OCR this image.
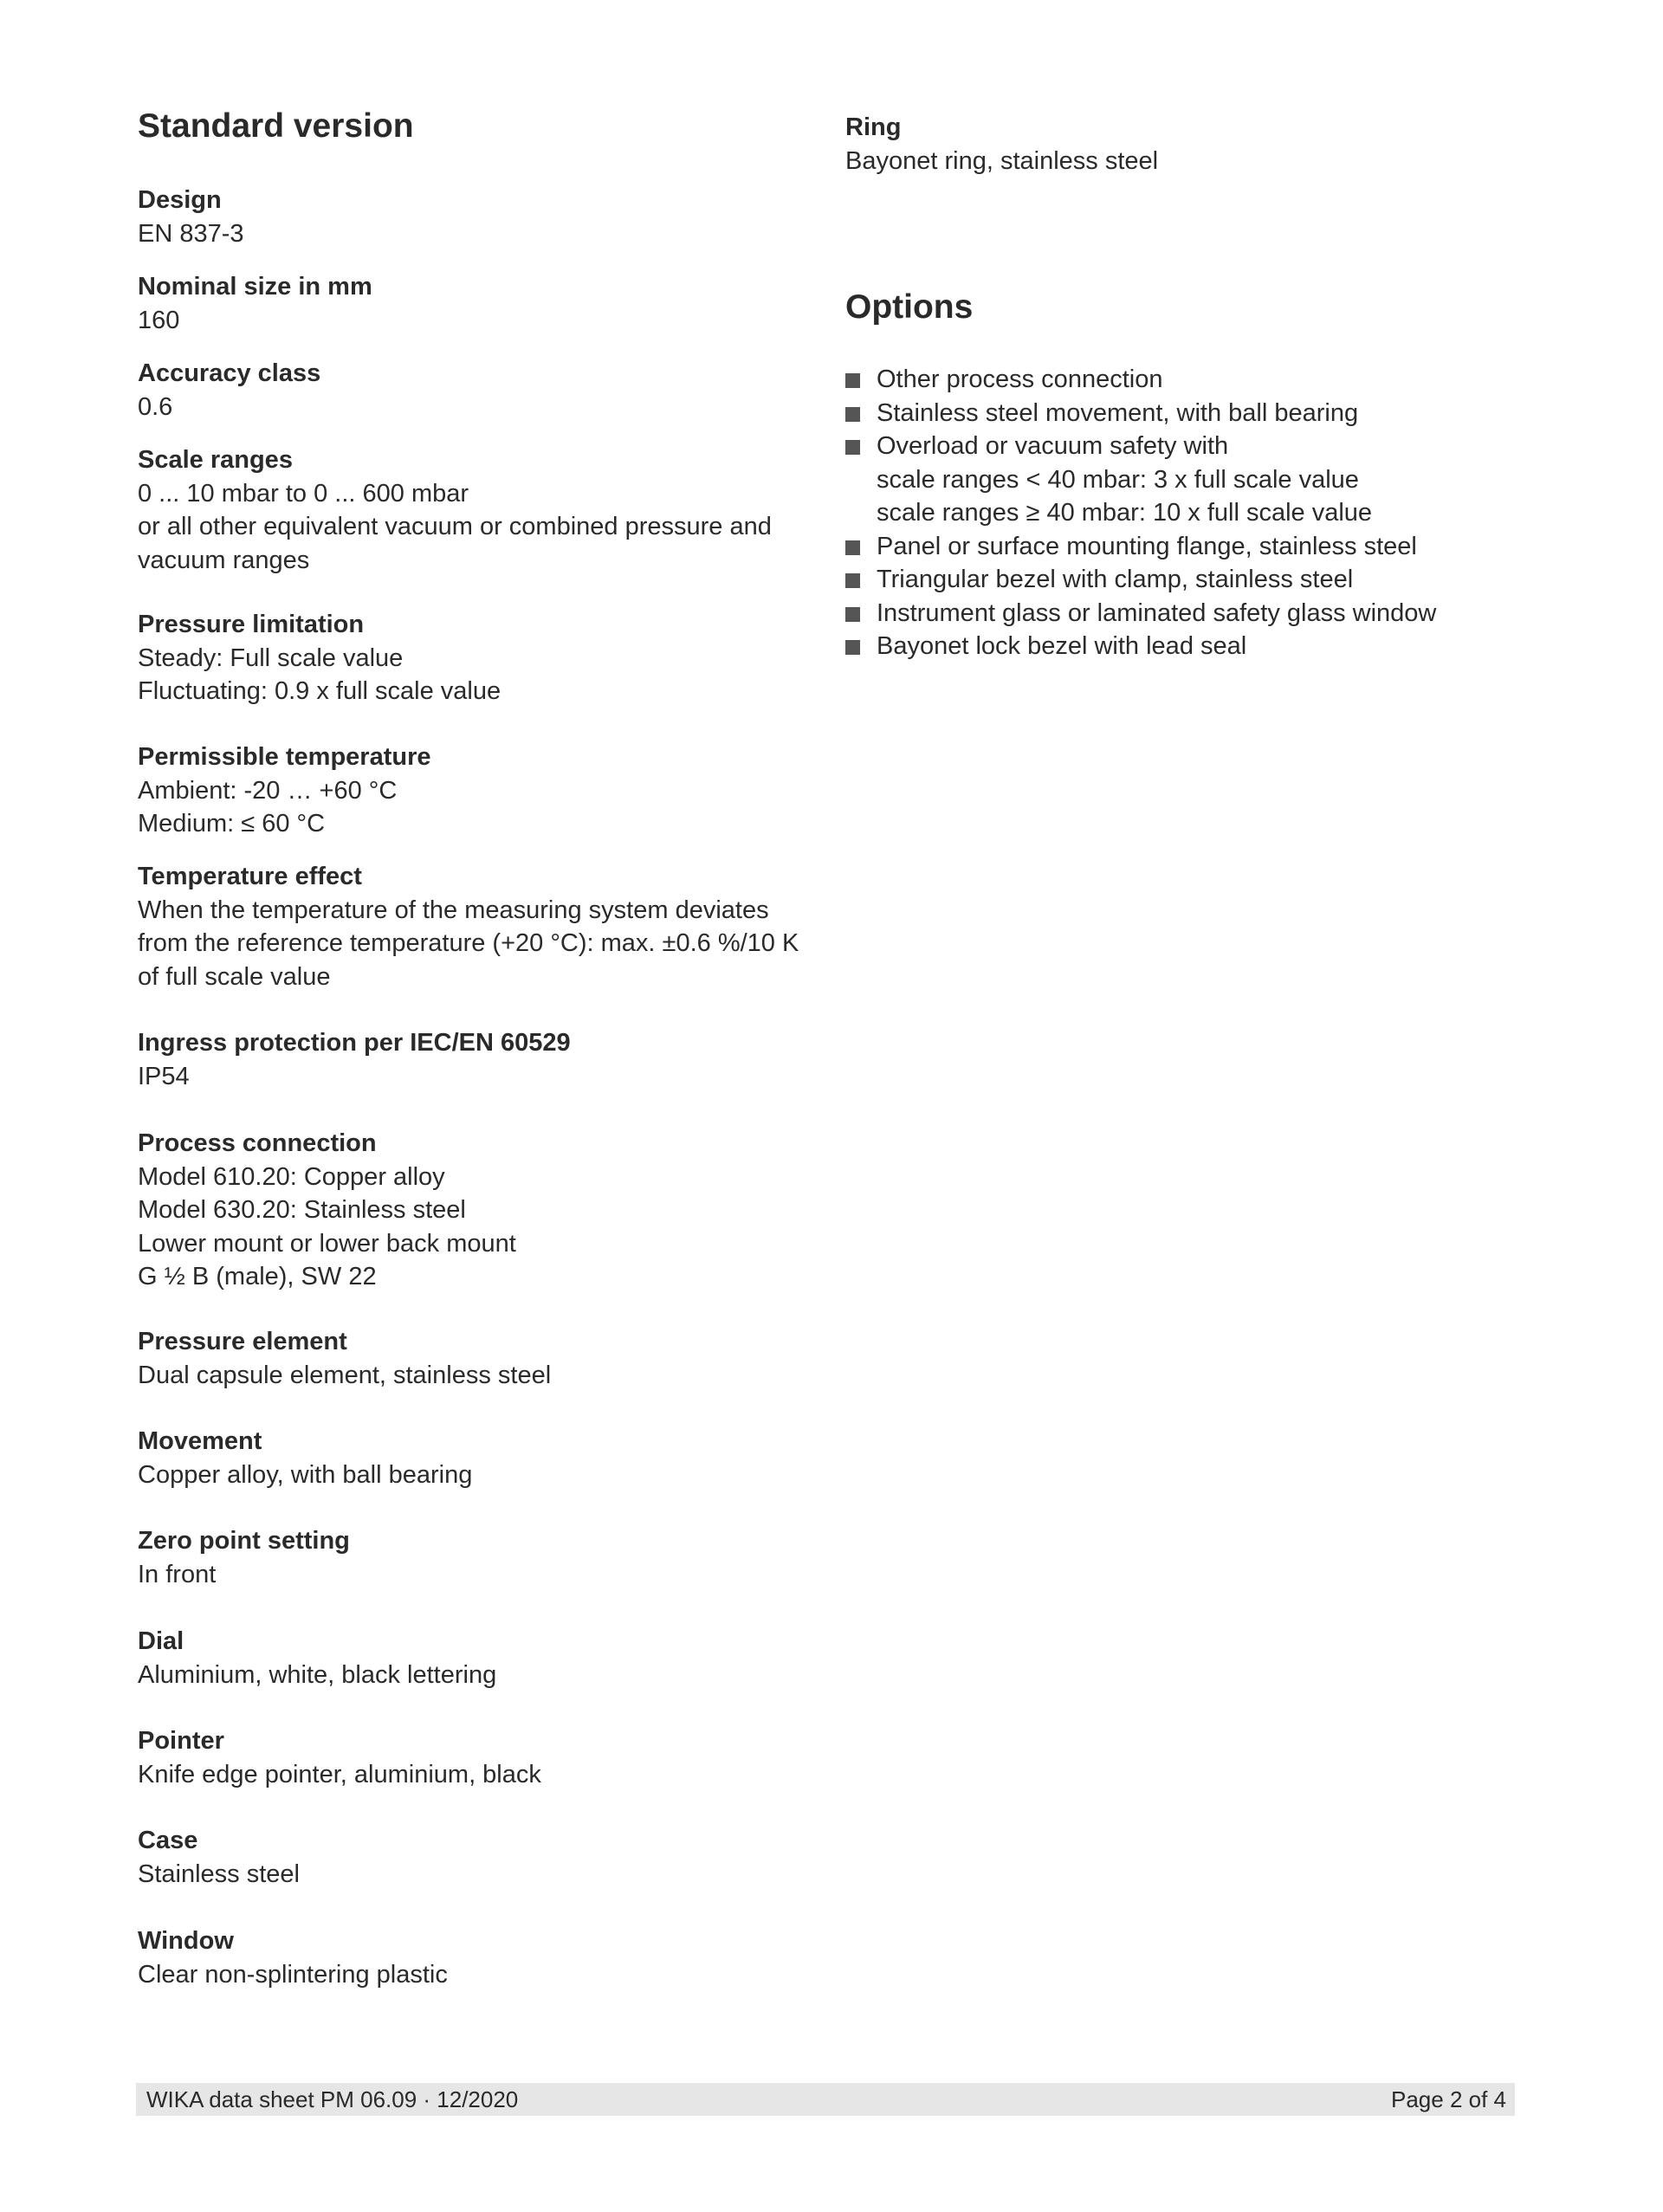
Standard version
Design
EN 837-3
Nominal size in mm
160
Accuracy class
0.6
Scale ranges
0 ... 10 mbar to 0 ... 600 mbar
or all other equivalent vacuum or combined pressure and
vacuum ranges
Pressure limitation
Steady: Full scale value
Fluctuating: 0.9 x full scale value
Permissible temperature
Ambient: -20 … +60 °C
Medium: ≤ 60 °C
Temperature effect
When the temperature of the measuring system deviates
from the reference temperature (+20 °C): max. ±0.6 %/10 K
of full scale value
Ingress protection per IEC/EN 60529
IP54
Process connection
Model 610.20: Copper alloy
Model 630.20: Stainless steel
Lower mount or lower back mount
G ½ B (male), SW 22
Pressure element
Dual capsule element, stainless steel
Movement
Copper alloy, with ball bearing
Zero point setting
In front
Dial
Aluminium, white, black lettering
Pointer
Knife edge pointer, aluminium, black
Case
Stainless steel
Window
Clear non-splintering plastic
Ring
Bayonet ring, stainless steel
Options
Other process connection
Stainless steel movement, with ball bearing
Overload or vacuum safety with
scale ranges < 40 mbar: 3 x full scale value
scale ranges ≥ 40 mbar: 10 x full scale value
Panel or surface mounting flange, stainless steel
Triangular bezel with clamp, stainless steel
Instrument glass or laminated safety glass window
Bayonet lock bezel with lead seal
WIKA data sheet PM 06.09 · 12/2020	Page 2 of 4
